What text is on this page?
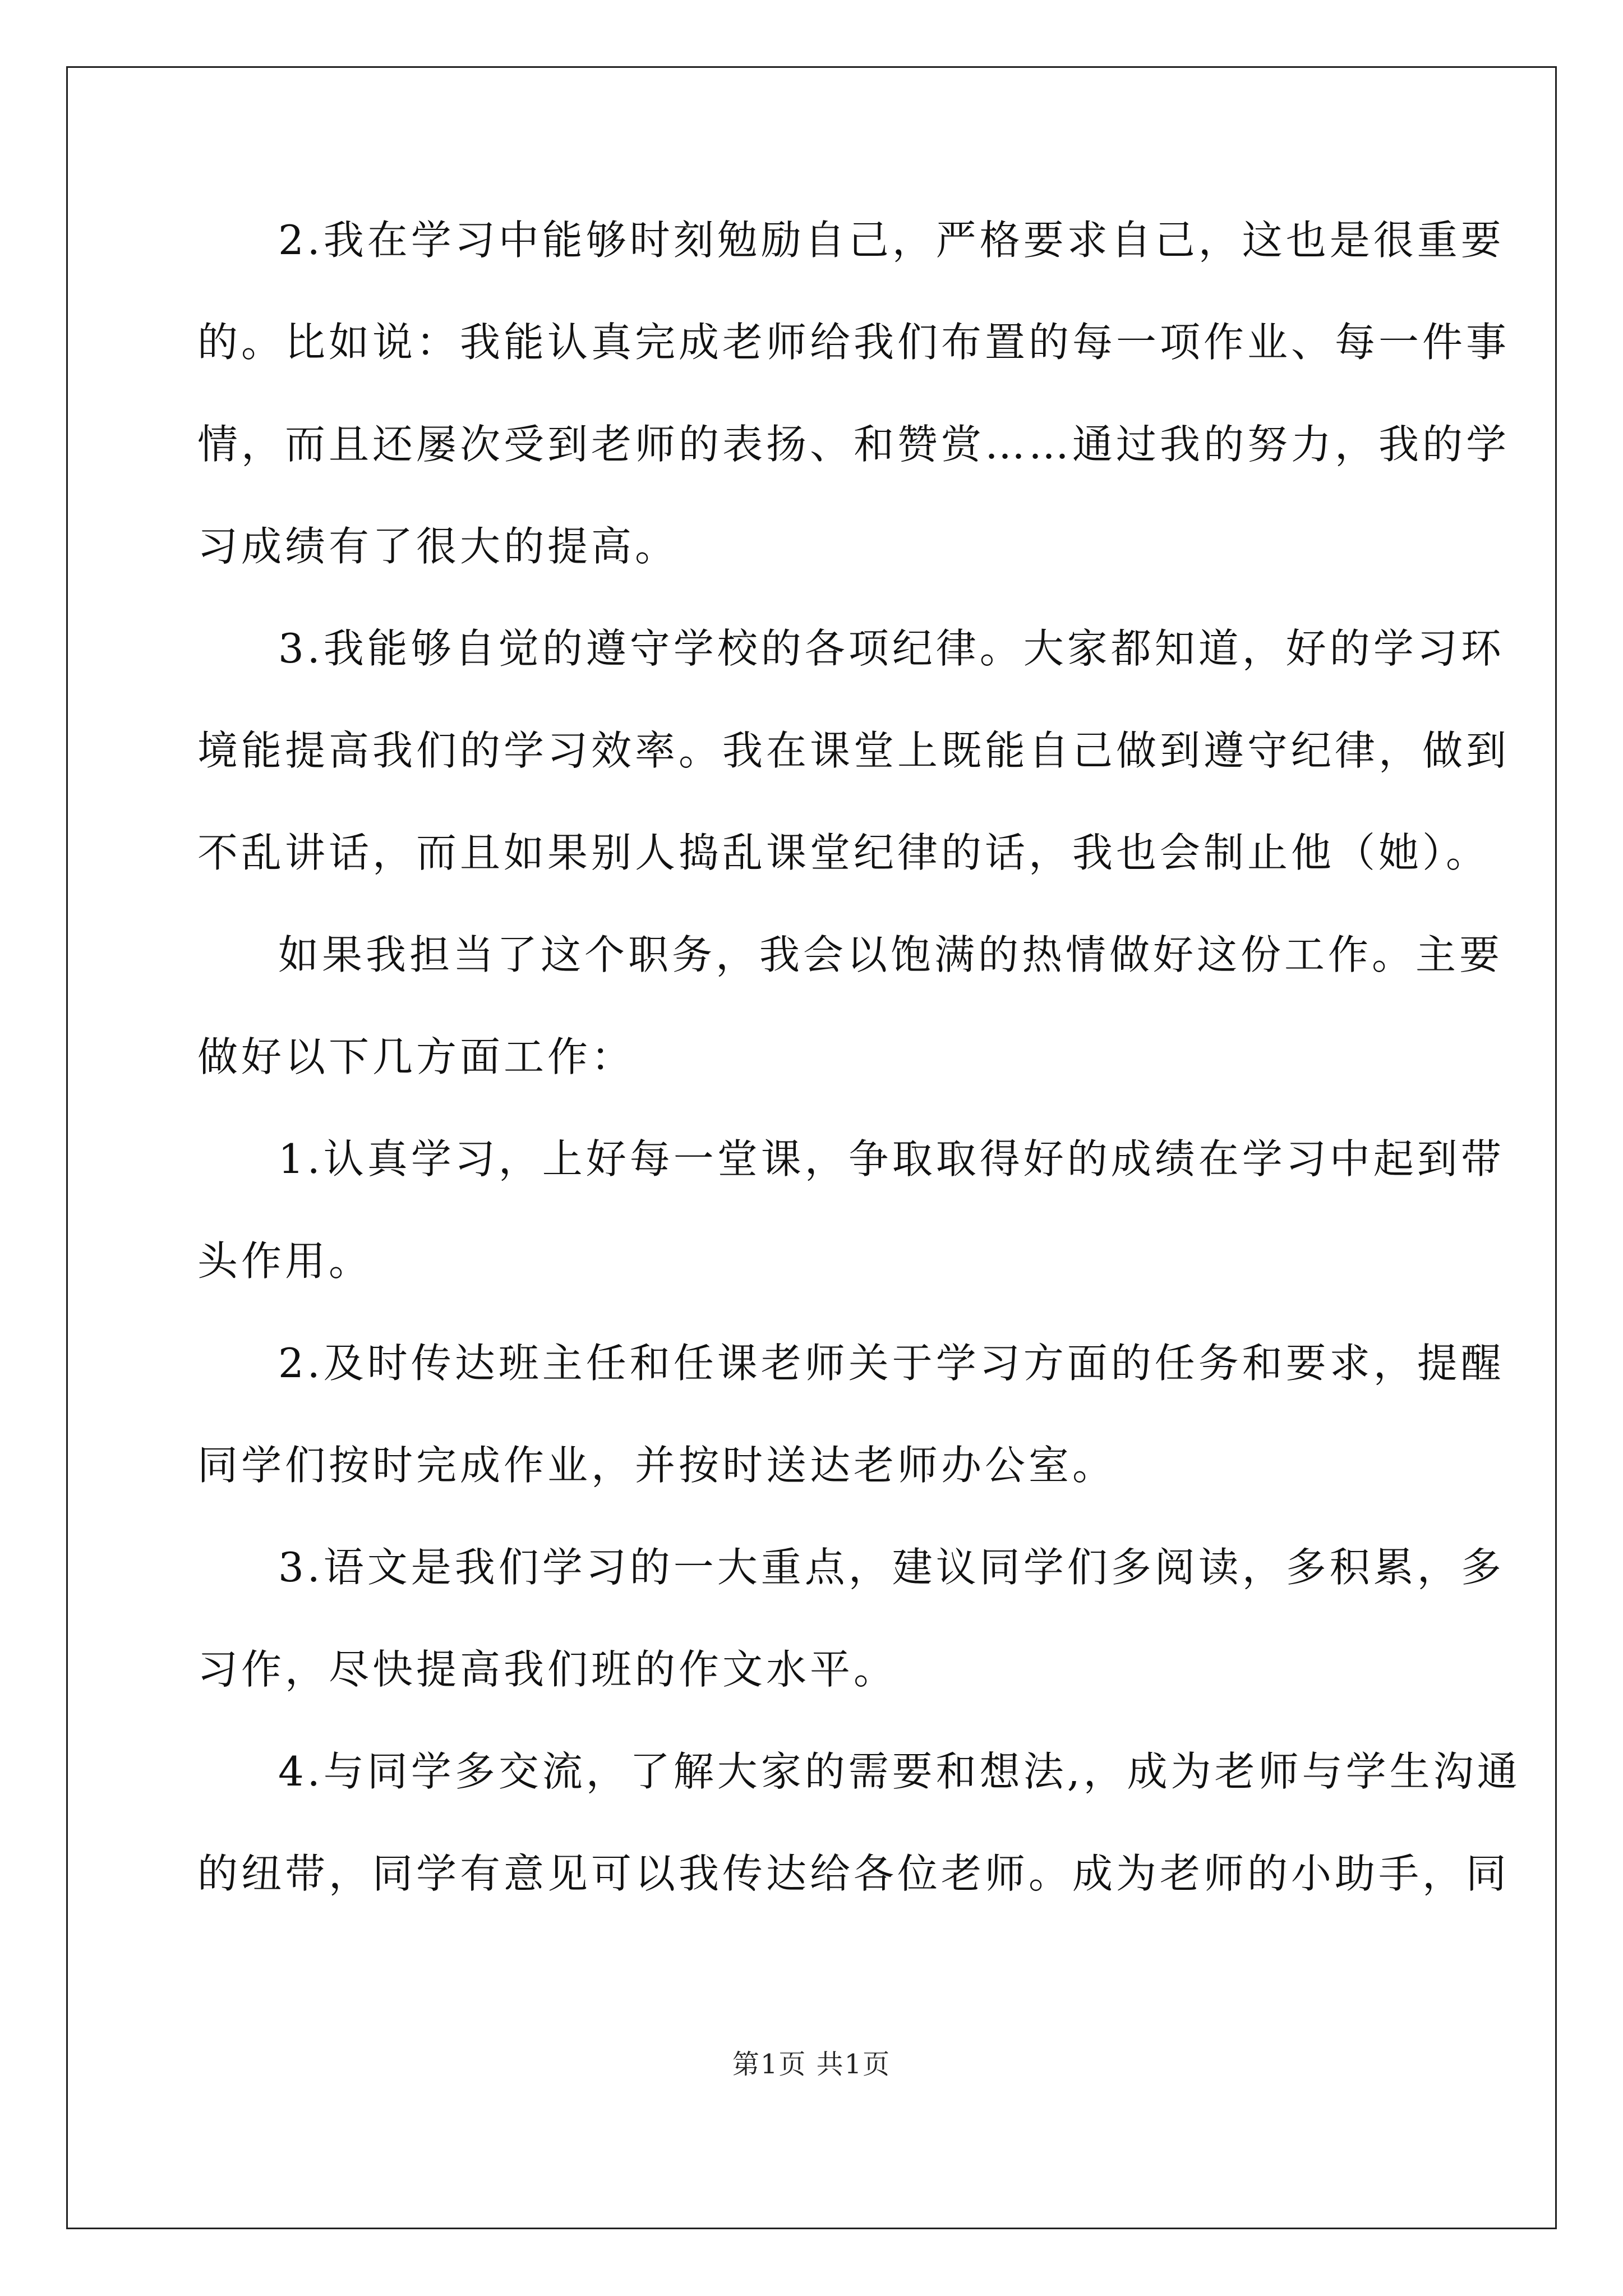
2.我在学习中能够时刻勉励自己，严格要求自己，这也是很重要
的。比如说：我能认真完成老师给我们布置的每一项作业、每一件事
情，而且还屡次受到老师的表扬、和赞赏……通过我的努力，我的学
习成绩有了很大的提高。
3.我能够自觉的遵守学校的各项纪律。大家都知道，好的学习环
境能提高我们的学习效率。我在课堂上既能自己做到遵守纪律，做到
不乱讲话，而且如果别人捣乱课堂纪律的话，我也会制止他（她）。
如果我担当了这个职务，我会以饱满的热情做好这份工作。主要
做好以下几方面工作：
1.认真学习，上好每一堂课，争取取得好的成绩在学习中起到带
头作用。
2.及时传达班主任和任课老师关于学习方面的任务和要求，提醒
同学们按时完成作业，并按时送达老师办公室。
3.语文是我们学习的一大重点，建议同学们多阅读，多积累，多
习作，尽快提高我们班的作文水平。
4.与同学多交流，了解大家的需要和想法,，成为老师与学生沟通
的纽带，同学有意见可以我传达给各位老师。成为老师的小助手，同
第1页 共1页
